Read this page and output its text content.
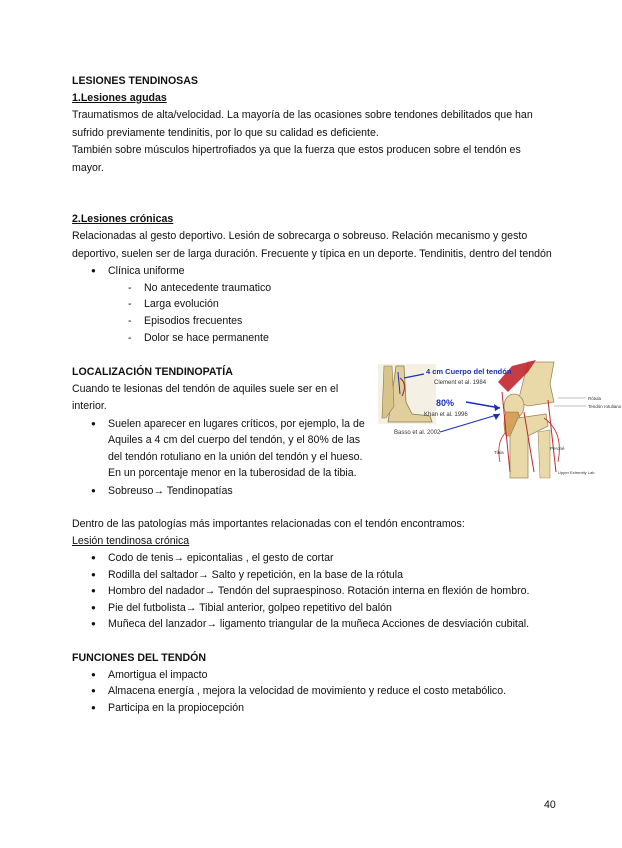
LESIONES TENDINOSAS
1.Lesiones agudas
Traumatismos de alta/velocidad. La mayoría de las ocasiones sobre tendones debilitados que han sufrido previamente tendinitis, por lo que su calidad es deficiente.
También sobre músculos hipertrofiados ya que la fuerza que estos producen sobre el tendón es mayor.
2.Lesiones crónicas
Relacionadas al gesto deportivo. Lesión de sobrecarga o sobreuso. Relación mecanismo y gesto deportivo, suelen ser de larga duración. Frecuente y típica en un deporte. Tendinitis, dentro del tendón
● Clínica uniforme
- No antecedente traumatico
- Larga evolución
- Episodios frecuentes
- Dolor se hace permanente
LOCALIZACIÓN TENDINOPATÍA
Cuando te lesionas del tendón de aquiles suele ser en el interior.
● Suelen aparecer en lugares críticos, por ejemplo, la de Aquiles a 4 cm del cuerpo del tendón, y el 80% de las del tendón rotuliano en la unión del tendón y el hueso. En un porcentaje menor en la tuberosidad de la tibia.
● Sobreuso→ Tendinopatías
4 cm Cuerpo del tendón
Clement et al. 1984
80%
Khan et al. 1996
Basso et al. 2002
Rótula
Tendón rotuliano
Tibia
Peroné
Upper Extremity Lab
Dentro de las patologías más importantes relacionadas con el tendón encontramos:
Lesión tendinosa crónica
● Codo de tenis→ epicontalias , el gesto de cortar
● Rodilla del saltador→ Salto y repetición, en la base de la rótula
● Hombro del nadador→ Tendón del supraespinoso. Rotación interna en flexión de hombro.
● Pie del futbolista→ Tibial anterior, golpeo repetitivo del balón
● Muñeca del lanzador→ ligamento triangular de la muñeca Acciones de desviación cubital.
FUNCIONES DEL TENDÓN
● Amortigua el impacto
● Almacena energía , mejora la velocidad de movimiento y reduce el costo metabólico.
● Participa en la propiocepción
40
